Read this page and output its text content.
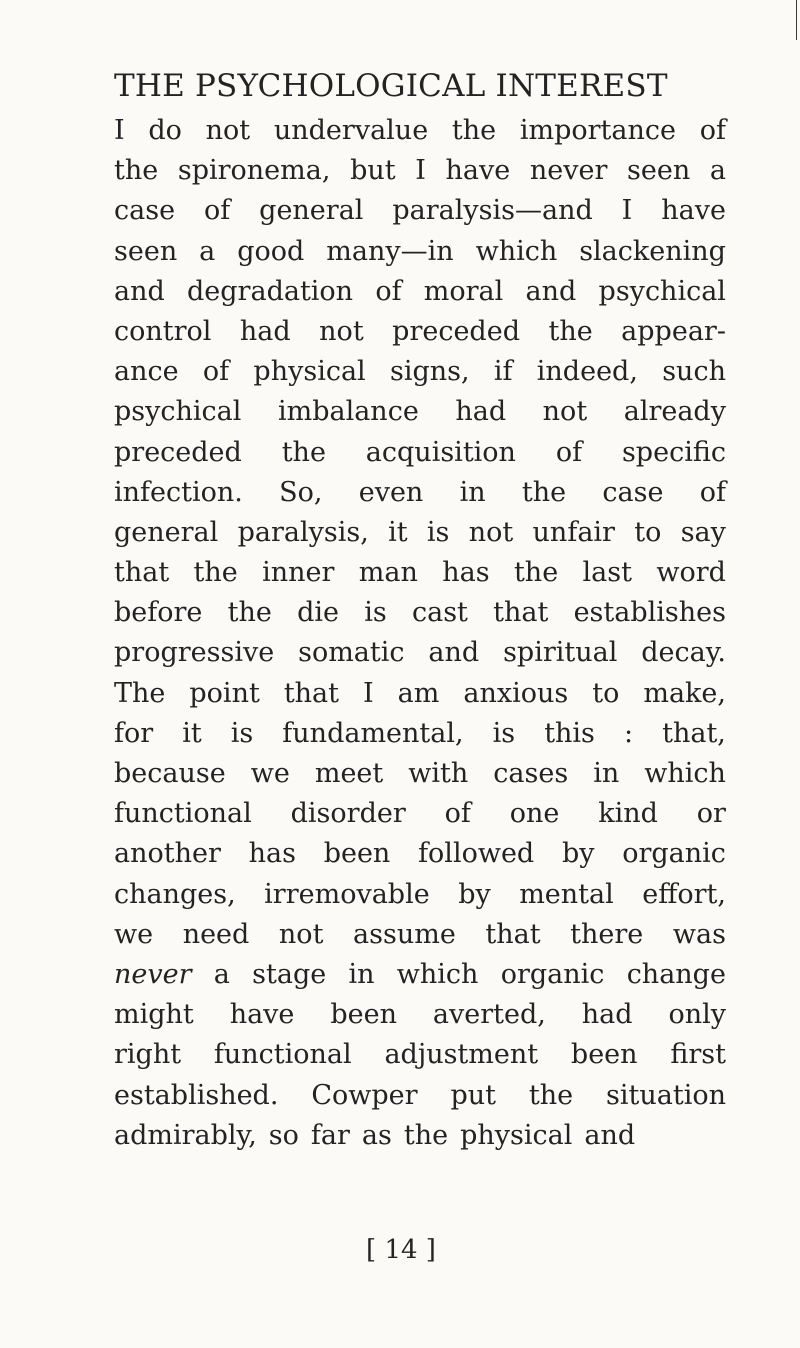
THE PSYCHOLOGICAL INTEREST
I do not undervalue the importance of
the spironema, but I have never seen a
case of general paralysis—and I have
seen a good many—in which slackening
and degradation of moral and psychical
control had not preceded the appear-
ance of physical signs, if indeed, such
psychical imbalance had not already
preceded the acquisition of specific
infection. So, even in the case of
general paralysis, it is not unfair to say
that the inner man has the last word
before the die is cast that establishes
progressive somatic and spiritual decay.
The point that I am anxious to make,
for it is fundamental, is this : that,
because we meet with cases in which
functional disorder of one kind or
another has been followed by organic
changes, irremovable by mental effort,
we need not assume that there was
never a stage in which organic change
might have been averted, had only
right functional adjustment been first
established. Cowper put the situation
admirably, so far as the physical and
[ 14 ]
